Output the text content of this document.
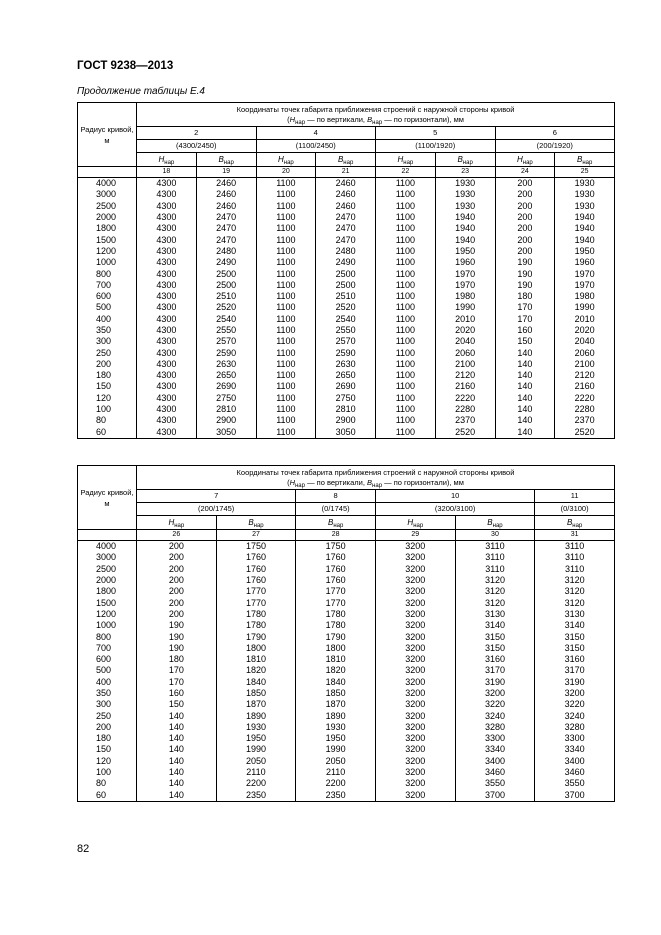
ГОСТ 9238—2013
Продолжение таблицы Е.4
Радиус кривой, м	Координаты точек габарита приближения строений с наружной стороны кривой
($H_{нар}$ — по вертикали, $B_{нар}$ — по горизонтали), мм							
	2		4		5		6	
	(4300/2450)		(1100/2450)		(1100/1920)		(200/1920)	
	$H_{нар}$	$B_{нар}$	$H_{нар}$	$B_{нар}$	$H_{нар}$	$B_{нар}$	$H_{нар}$	$B_{нар}$
	18	19	20	21	22	23	24	25
4000	4300	2460	1100	2460	1100	1930	200	1930
3000	4300	2460	1100	2460	1100	1930	200	1930
2500	4300	2460	1100	2460	1100	1930	200	1930
2000	4300	2470	1100	2470	1100	1940	200	1940
1800	4300	2470	1100	2470	1100	1940	200	1940
1500	4300	2470	1100	2470	1100	1940	200	1940
1200	4300	2480	1100	2480	1100	1950	200	1950
1000	4300	2490	1100	2490	1100	1960	190	1960
800	4300	2500	1100	2500	1100	1970	190	1970
700	4300	2500	1100	2500	1100	1970	190	1970
600	4300	2510	1100	2510	1100	1980	180	1980
500	4300	2520	1100	2520	1100	1990	170	1990
400	4300	2540	1100	2540	1100	2010	170	2010
350	4300	2550	1100	2550	1100	2020	160	2020
300	4300	2570	1100	2570	1100	2040	150	2040
250	4300	2590	1100	2590	1100	2060	140	2060
200	4300	2630	1100	2630	1100	2100	140	2100
180	4300	2650	1100	2650	1100	2120	140	2120
150	4300	2690	1100	2690	1100	2160	140	2160
120	4300	2750	1100	2750	1100	2220	140	2220
100	4300	2810	1100	2810	1100	2280	140	2280
80	4300	2900	1100	2900	1100	2370	140	2370
60	4300	3050	1100	3050	1100	2520	140	2520
Радиус кривой, м	Координаты точек габарита приближения строений с наружной стороны кривой
($H_{нар}$ — по вертикали, $B_{нар}$ — по горизонтали), мм					
	7		8	10		11
	(200/1745)		(0/1745)	(3200/3100)		(0/3100)
	$H_{нар}$	$B_{нар}$	$B_{нар}$	$H_{нар}$	$B_{нар}$	$B_{нар}$
	26	27	28	29	30	31
4000	200	1750	1750	3200	3110	3110
3000	200	1760	1760	3200	3110	3110
2500	200	1760	1760	3200	3110	3110
2000	200	1760	1760	3200	3120	3120
1800	200	1770	1770	3200	3120	3120
1500	200	1770	1770	3200	3120	3120
1200	200	1780	1780	3200	3130	3130
1000	190	1780	1780	3200	3140	3140
800	190	1790	1790	3200	3150	3150
700	190	1800	1800	3200	3150	3150
600	180	1810	1810	3200	3160	3160
500	170	1820	1820	3200	3170	3170
400	170	1840	1840	3200	3190	3190
350	160	1850	1850	3200	3200	3200
300	150	1870	1870	3200	3220	3220
250	140	1890	1890	3200	3240	3240
200	140	1930	1930	3200	3280	3280
180	140	1950	1950	3200	3300	3300
150	140	1990	1990	3200	3340	3340
120	140	2050	2050	3200	3400	3400
100	140	2110	2110	3200	3460	3460
80	140	2200	2200	3200	3550	3550
60	140	2350	2350	3200	3700	3700
82
